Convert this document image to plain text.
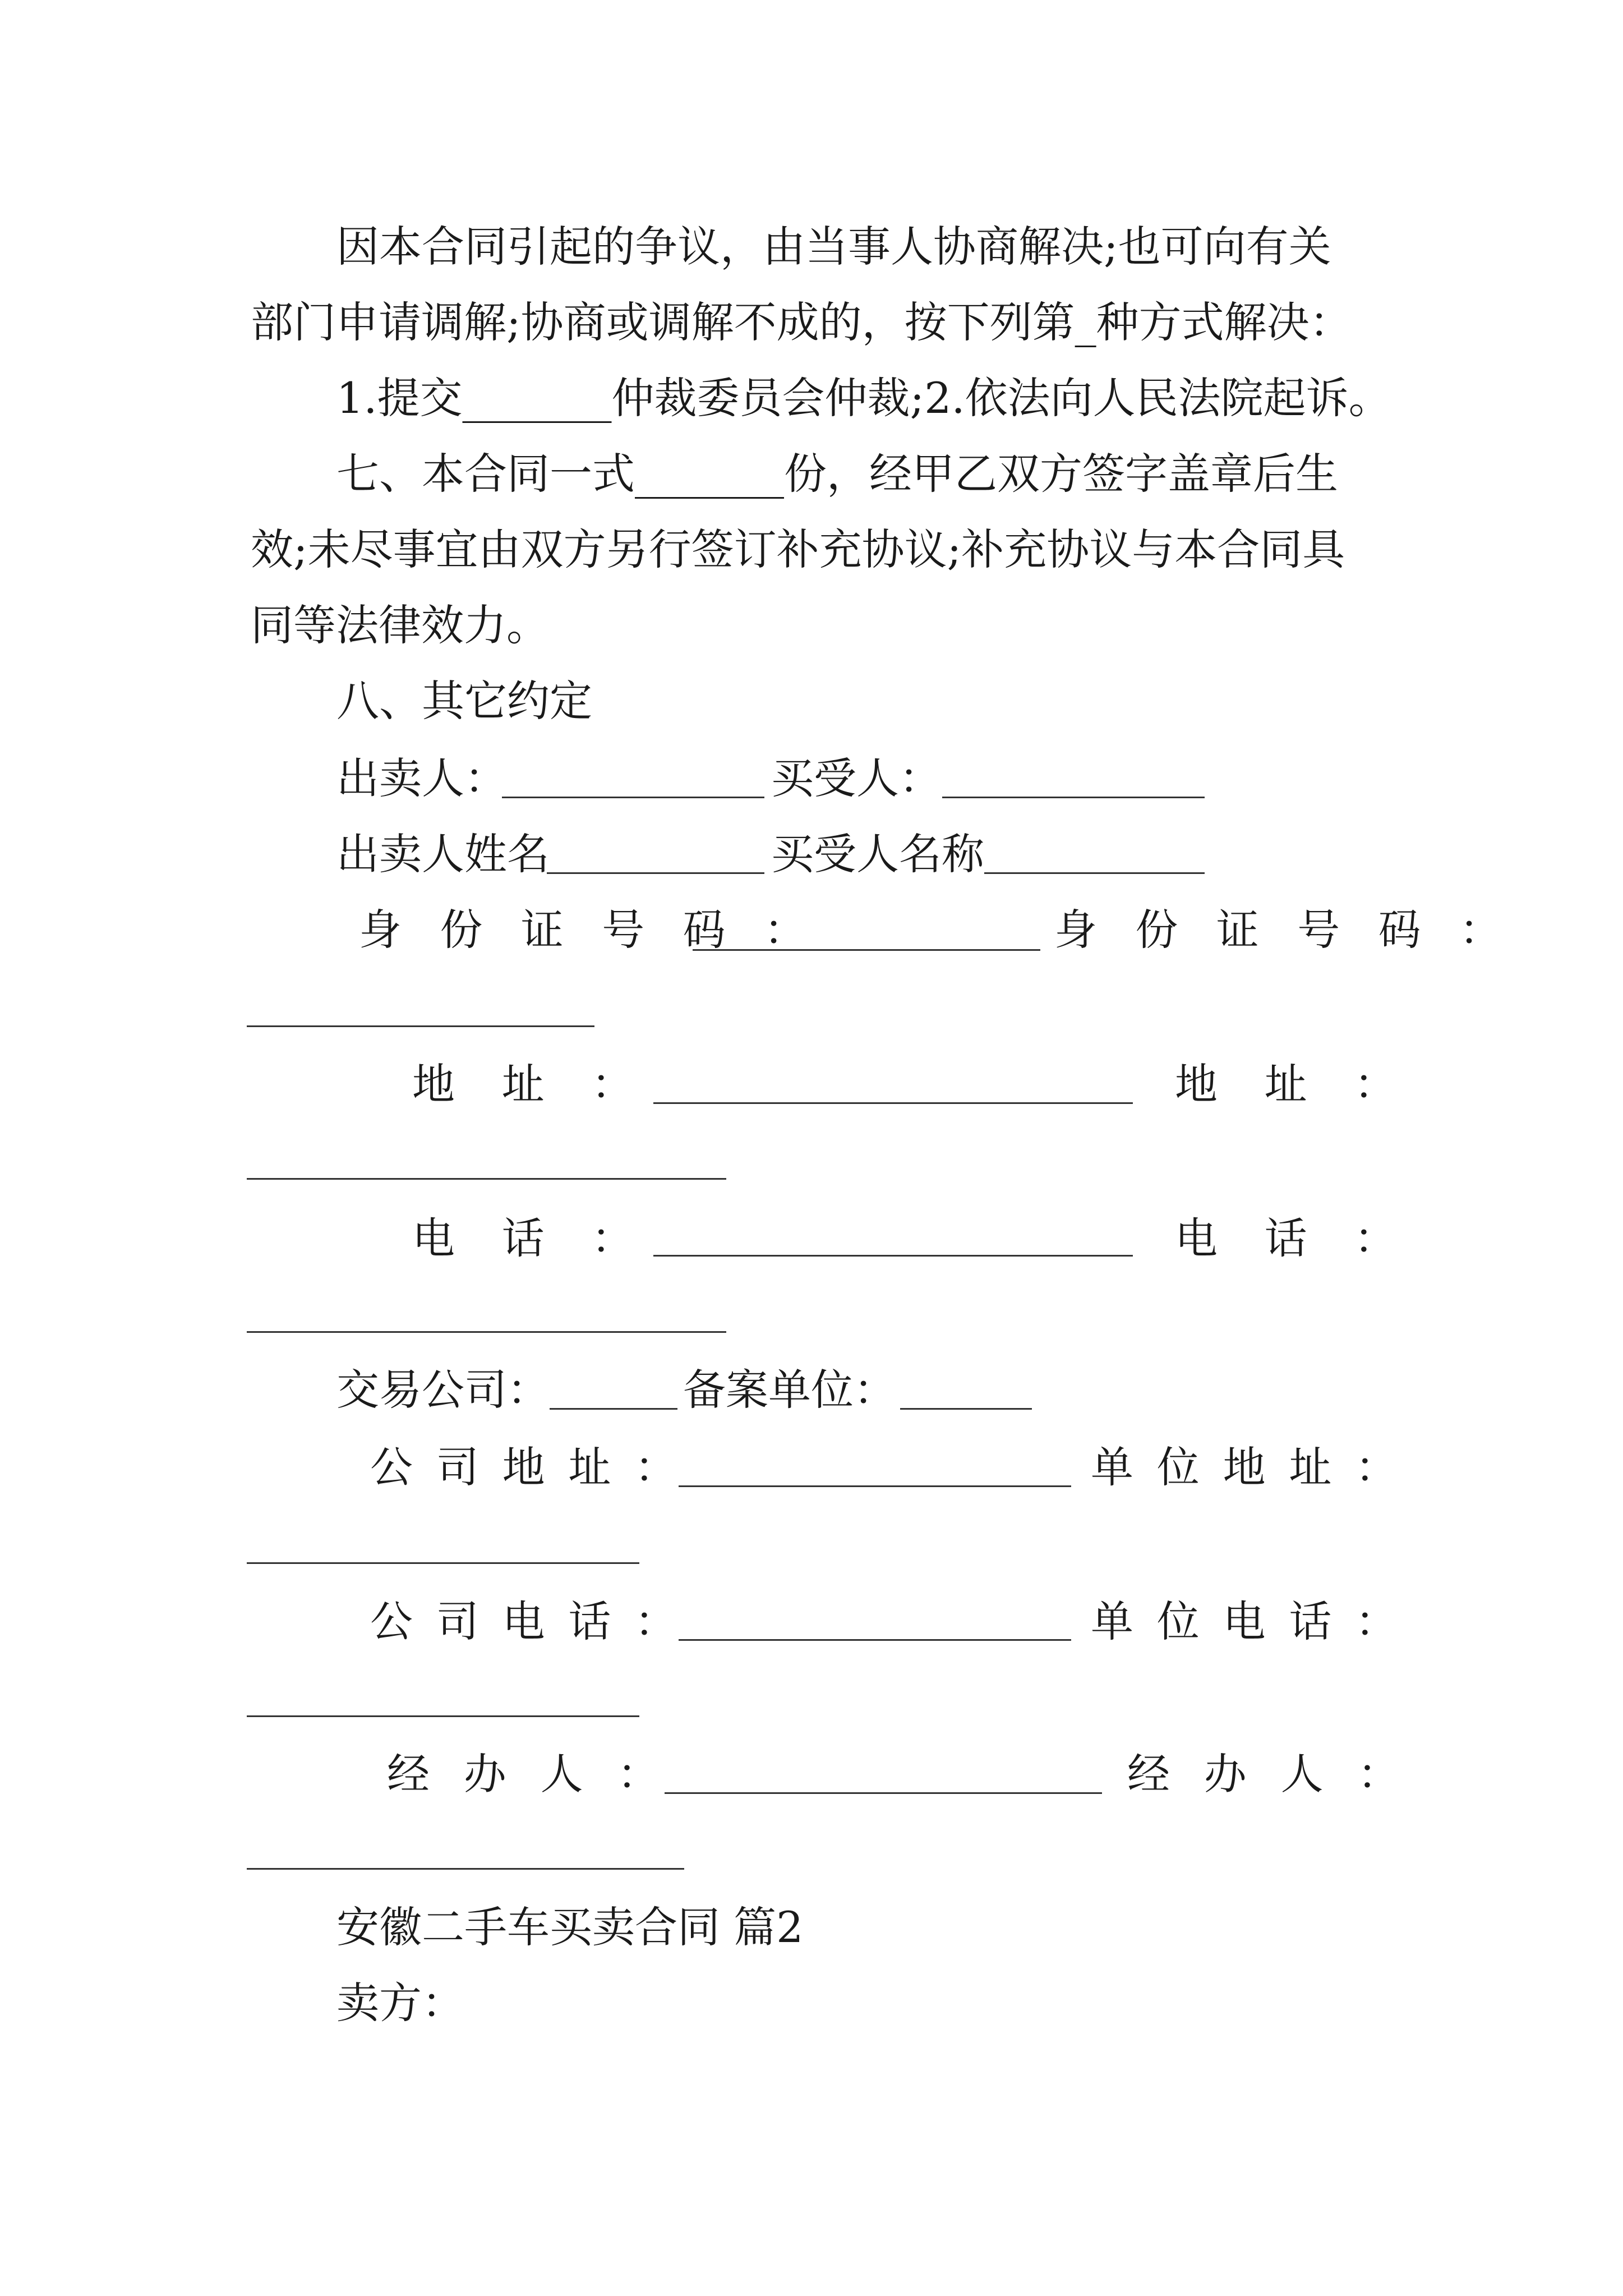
因本合同引起的争议，由当事人协商解决;也可向有关
部门申请调解;协商或调解不成的，按下列第_种方式解决：
1.提交_______仲裁委员会仲裁;2.依法向人民法院起诉。
七、本合同一式_______份，经甲乙双方签字盖章后生
效;未尽事宜由双方另行签订补充协议;补充协议与本合同具
同等法律效力。
八、其它约定
出卖人：	买受人：
出卖人姓名	买受人名称
身份证号码：	身份证号码：
地址：	地址：
电话：	电话：
交易公司：	备案单位：
公司地址：	单位地址：
公司电话：	单位电话：
经办人：	经办人：
安徽二手车买卖合同 篇2
卖方：
